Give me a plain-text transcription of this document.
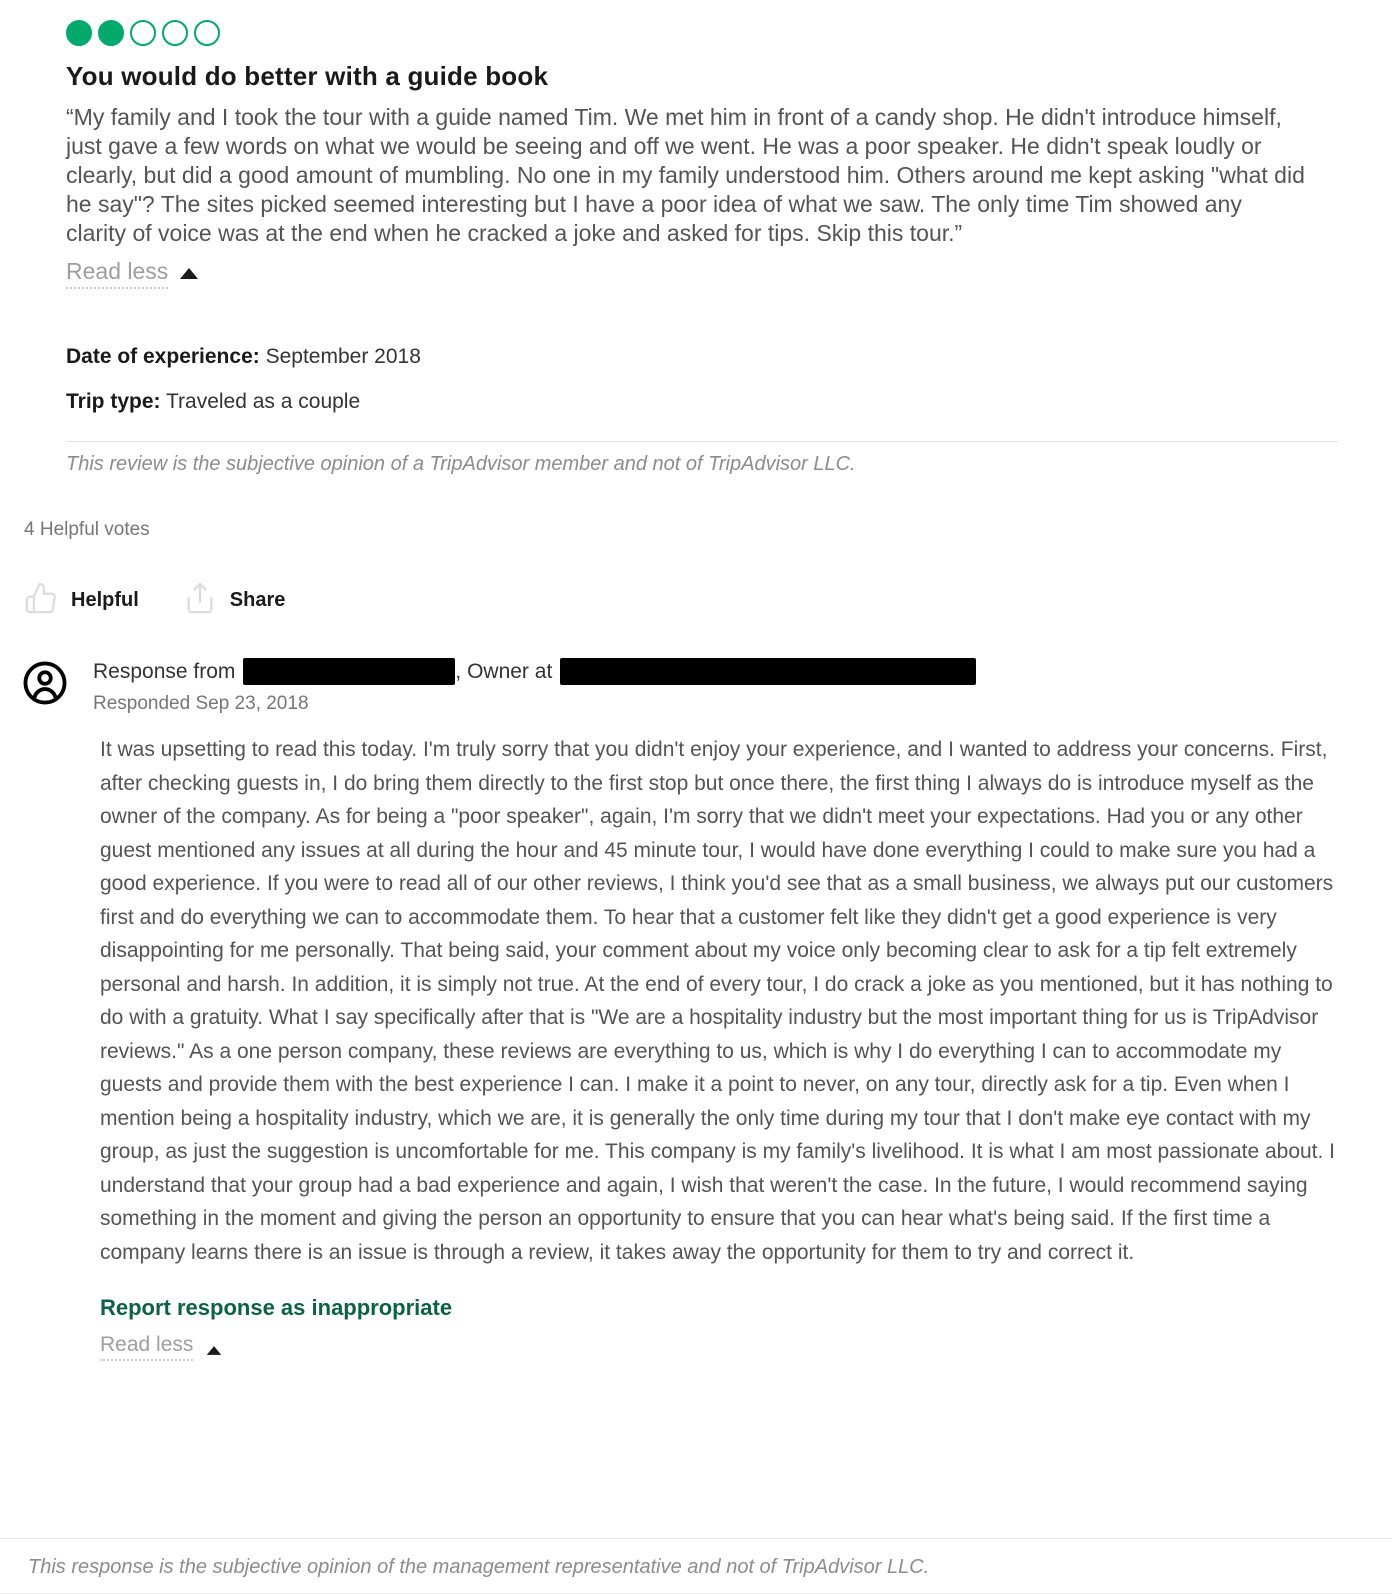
You would do better with a guide book

“My family and I took the tour with a guide named Tim. We met him in front of a candy shop. He didn't introduce himself, just gave a few words on what we would be seeing and off we went. He was a poor speaker. He didn't speak loudly or clearly, but did a good amount of mumbling. No one in my family understood him. Others around me kept asking "what did he say"? The sites picked seemed interesting but I have a poor idea of what we saw. The only time Tim showed any clarity of voice was at the end when he cracked a joke and asked for tips. Skip this tour.”

Read less
Date of experience: September 2018
Trip type: Traveled as a couple

This review is the subjective opinion of a TripAdvisor member and not of TripAdvisor LLC.

4 Helpful votes
Helpful	Share
Response from	, Owner at
Responded Sep 23, 2018

It was upsetting to read this today. I'm truly sorry that you didn't enjoy your experience, and I wanted to address your concerns. First, after checking guests in, I do bring them directly to the first stop but once there, the first thing I always do is introduce myself as the owner of the company. As for being a "poor speaker", again, I'm sorry that we didn't meet your expectations. Had you or any other guest mentioned any issues at all during the hour and 45 minute tour, I would have done everything I could to make sure you had a good experience. If you were to read all of our other reviews, I think you'd see that as a small business, we always put our customers first and do everything we can to accommodate them. To hear that a customer felt like they didn't get a good experience is very disappointing for me personally. That being said, your comment about my voice only becoming clear to ask for a tip felt extremely personal and harsh. In addition, it is simply not true. At the end of every tour, I do crack a joke as you mentioned, but it has nothing to do with a gratuity. What I say specifically after that is "We are a hospitality industry but the most important thing for us is TripAdvisor reviews." As a one person company, these reviews are everything to us, which is why I do everything I can to accommodate my guests and provide them with the best experience I can. I make it a point to never, on any tour, directly ask for a tip. Even when I mention being a hospitality industry, which we are, it is generally the only time during my tour that I don't make eye contact with my group, as just the suggestion is uncomfortable for me. This company is my family's livelihood. It is what I am most passionate about. I understand that your group had a bad experience and again, I wish that weren't the case. In the future, I would recommend saying something in the moment and giving the person an opportunity to ensure that you can hear what's being said. If the first time a company learns there is an issue is through a review, it takes away the opportunity for them to try and correct it.

Report response as inappropriate
Read less

This response is the subjective opinion of the management representative and not of TripAdvisor LLC.
